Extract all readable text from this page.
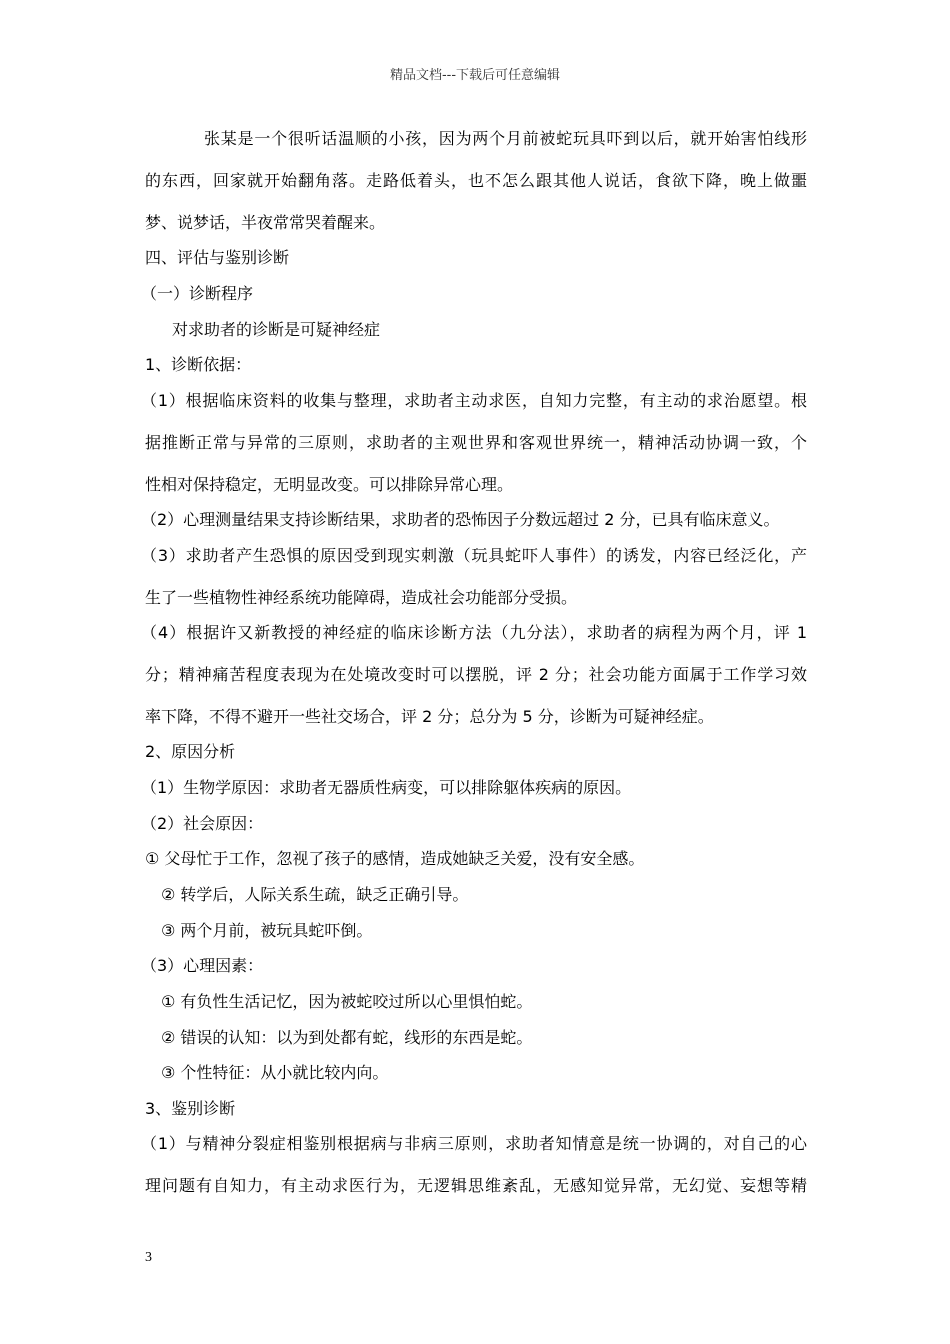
精品文档---下载后可任意编辑

张某是一个很听话温顺的小孩，因为两个月前被蛇玩具吓到以后，就开始害怕线形

的东西，回家就开始翻角落。走路低着头，也不怎么跟其他人说话，食欲下降，晚上做噩

梦、说梦话，半夜常常哭着醒来。

四、评估与鉴别诊断

（一）诊断程序

对求助者的诊断是可疑神经症

1、诊断依据：

（1）根据临床资料的收集与整理，求助者主动求医，自知力完整，有主动的求治愿望。根

据推断正常与异常的三原则，求助者的主观世界和客观世界统一，精神活动协调一致，个

性相对保持稳定，无明显改变。可以排除异常心理。

（2）心理测量结果支持诊断结果，求助者的恐怖因子分数远超过 2 分，已具有临床意义。

（3）求助者产生恐惧的原因受到现实刺激（玩具蛇吓人事件）的诱发，内容已经泛化，产

生了一些植物性神经系统功能障碍，造成社会功能部分受损。

（4）根据许又新教授的神经症的临床诊断方法（九分法），求助者的病程为两个月，评 1

分；精神痛苦程度表现为在处境改变时可以摆脱，评 2 分；社会功能方面属于工作学习效

率下降，不得不避开一些社交场合，评 2 分；总分为 5 分，诊断为可疑神经症。

2、原因分析

（1）生物学原因：求助者无器质性病变，可以排除躯体疾病的原因。

（2）社会原因：

① 父母忙于工作，忽视了孩子的感情，造成她缺乏关爱，没有安全感。

② 转学后，人际关系生疏，缺乏正确引导。

③ 两个月前，被玩具蛇吓倒。

（3）心理因素：

① 有负性生活记忆，因为被蛇咬过所以心里惧怕蛇。

② 错误的认知：以为到处都有蛇，线形的东西是蛇。

③ 个性特征：从小就比较内向。

3、鉴别诊断

（1）与精神分裂症相鉴别根据病与非病三原则，求助者知情意是统一协调的，对自己的心

理问题有自知力，有主动求医行为，无逻辑思维紊乱，无感知觉异常，无幻觉、妄想等精

3
